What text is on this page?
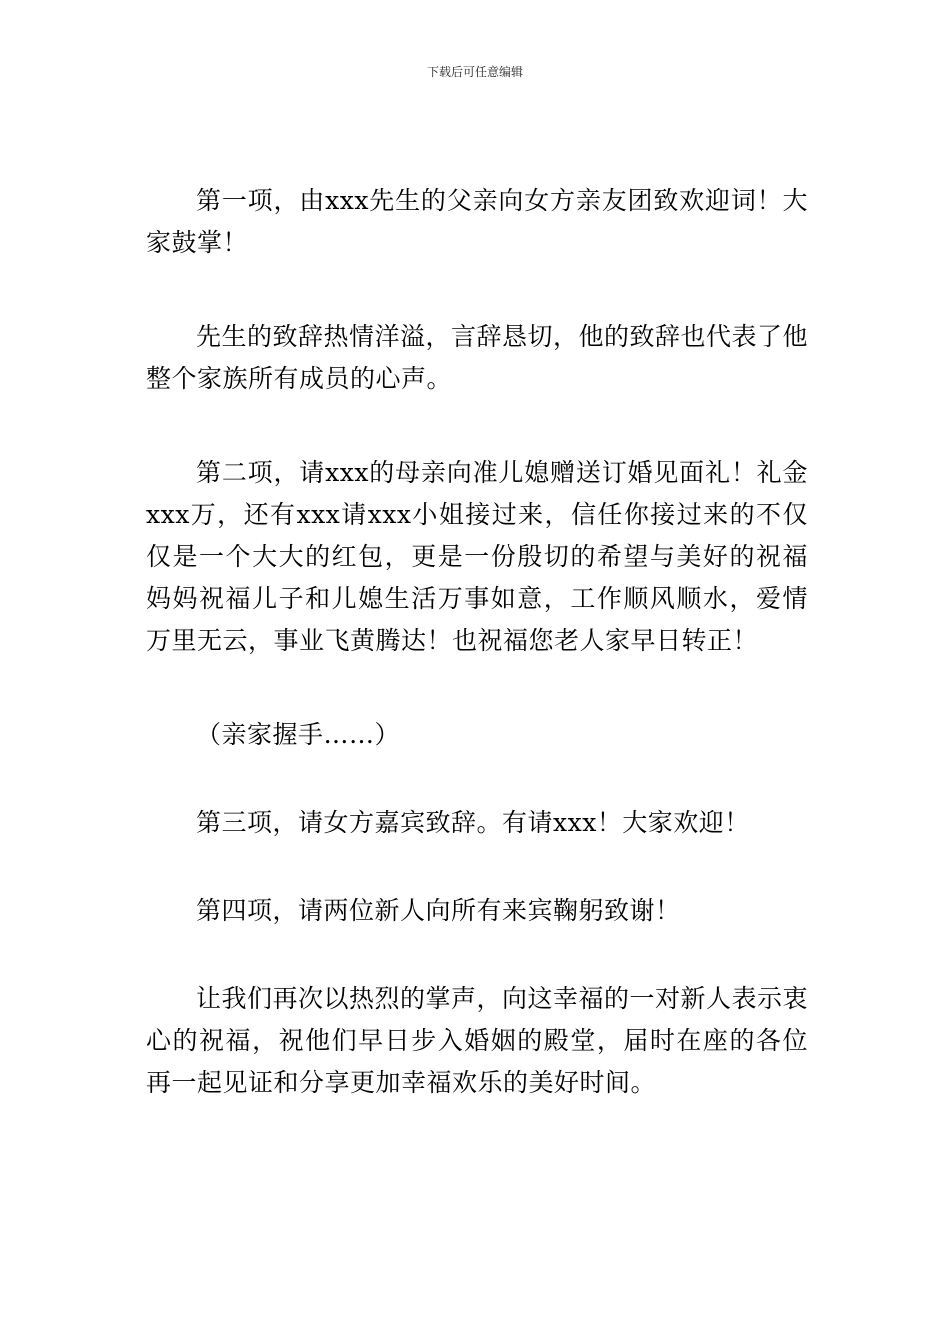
下载后可任意编辑

第一项，由xxx先生的父亲向女方亲友团致欢迎词！大家鼓掌！

先生的致辞热情洋溢，言辞恳切，他的致辞也代表了他整个家族所有成员的心声。

第二项，请xxx的母亲向准儿媳赠送订婚见面礼！礼金xxx万，还有xxx请xxx小姐接过来，信任你接过来的不仅仅是一个大大的红包，更是一份殷切的希望与美好的祝福妈妈祝福儿子和儿媳生活万事如意，工作顺风顺水，爱情万里无云，事业飞黄腾达！也祝福您老人家早日转正！

（亲家握手……）

第三项，请女方嘉宾致辞。有请xxx！大家欢迎！

第四项，请两位新人向所有来宾鞠躬致谢！

让我们再次以热烈的掌声，向这幸福的一对新人表示衷心的祝福，祝他们早日步入婚姻的殿堂，届时在座的各位再一起见证和分享更加幸福欢乐的美好时间。
